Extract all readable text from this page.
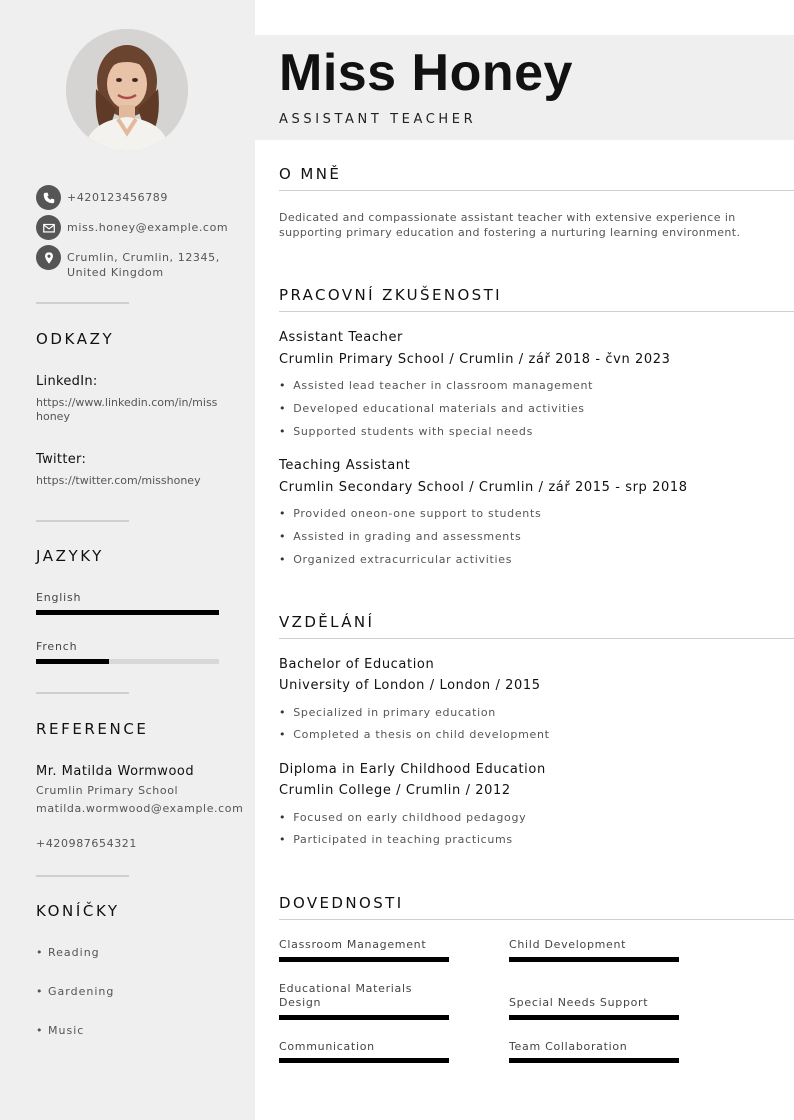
+420123456789
miss.honey@example.com
Crumlin, Crumlin, 12345, United Kingdom
ODKAZY
LinkedIn:
https://www.linkedin.com/in/misshoney
Twitter:
https://twitter.com/misshoney
JAZYKY
English
French
REFERENCE
Mr. Matilda Wormwood
Crumlin Primary School
matilda.wormwood@example.com
+420987654321
KONÍČKY
• Reading
• Gardening
• Music
Miss Honey
ASSISTANT TEACHER
O MNĚ
Dedicated and compassionate assistant teacher with extensive experience in supporting primary education and fostering a nurturing learning environment.
PRACOVNÍ ZKUŠENOSTI
Assistant Teacher
Crumlin Primary School / Crumlin / zář 2018 - čvn 2023
• Assisted lead teacher in classroom management
• Developed educational materials and activities
• Supported students with special needs
Teaching Assistant
Crumlin Secondary School / Crumlin / zář 2015 - srp 2018
• Provided oneon-one support to students
• Assisted in grading and assessments
• Organized extracurricular activities
VZDĚLÁNÍ
Bachelor of Education
University of London / London / 2015
• Specialized in primary education
• Completed a thesis on child development
Diploma in Early Childhood Education
Crumlin College / Crumlin / 2012
• Focused on early childhood pedagogy
• Participated in teaching practicums
DOVEDNOSTI
Classroom Management	Child Development
Educational Materials Design	Special Needs Support
Communication	Team Collaboration
